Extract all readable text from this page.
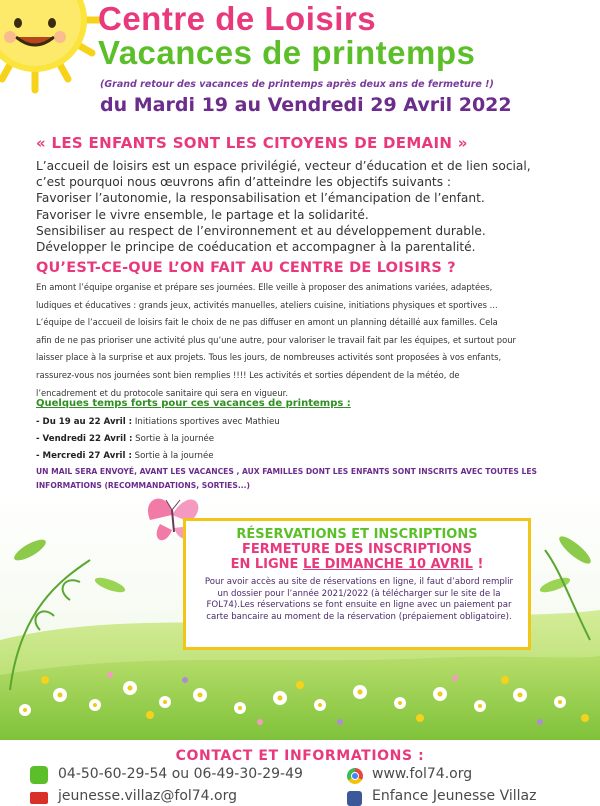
Centre de Loisirs
Vacances de printemps
(Grand retour des vacances de printemps après deux ans de fermeture !)
du Mardi 19 au Vendredi 29 Avril 2022
« LES ENFANTS SONT LES CITOYENS DE DEMAIN »
L’accueil de loisirs est un espace privilégié, vecteur d’éducation et de lien social,
c’est pourquoi nous œuvrons afin d’atteindre les objectifs suivants :
Favoriser l’autonomie, la responsabilisation et l’émancipation de l’enfant.
Favoriser le vivre ensemble, le partage et la solidarité.
Sensibiliser au respect de l’environnement et au développement durable.
Développer le principe de coéducation et accompagner à la parentalité.
QU’EST-CE-QUE L’ON FAIT AU CENTRE DE LOISIRS ?
En amont l’équipe organise et prépare ses journées. Elle veille à proposer des animations variées, adaptées,
ludiques et éducatives : grands jeux, activités manuelles, ateliers cuisine, initiations physiques et sportives ...
L’équipe de l’accueil de loisirs fait le choix de ne pas diffuser en amont un planning détaillé aux familles. Cela
afin de ne pas prioriser une activité plus qu’une autre, pour valoriser le travail fait par les équipes, et surtout pour
laisser place à la surprise et aux projets. Tous les jours, de nombreuses activités sont proposées à vos enfants,
rassurez-vous nos journées sont bien remplies !!!! Les activités et sorties dépendent de la météo, de
l’encadrement et du protocole sanitaire qui sera en vigueur.
Quelques temps forts pour ces vacances de printemps :
- Du 19 au 22 Avril : Initiations sportives avec Mathieu
- Vendredi 22 Avril : Sortie à la journée
- Mercredi 27 Avril : Sortie à la journée
UN MAIL SERA ENVOYÉ, AVANT LES VACANCES , AUX FAMILLES DONT LES ENFANTS SONT INSCRITS AVEC TOUTES LES INFORMATIONS (RECOMMANDATIONS, SORTIES...)
RÉSERVATIONS ET INSCRIPTIONS
FERMETURE DES INSCRIPTIONS
EN LIGNE LE DIMANCHE 10 AVRIL !
Pour avoir accès au site de réservations en ligne, il faut d’abord remplir un dossier pour l’année 2021/2022 (à télécharger sur le site de la FOL74).Les réservations se font ensuite en ligne avec un paiement par carte bancaire au moment de la réservation (prépaiement obligatoire).
CONTACT ET INFORMATIONS :
04-50-60-29-54 ou 06-49-30-29-49	www.fol74.org
jeunesse.villaz@fol74.org	Enfance Jeunesse Villaz
